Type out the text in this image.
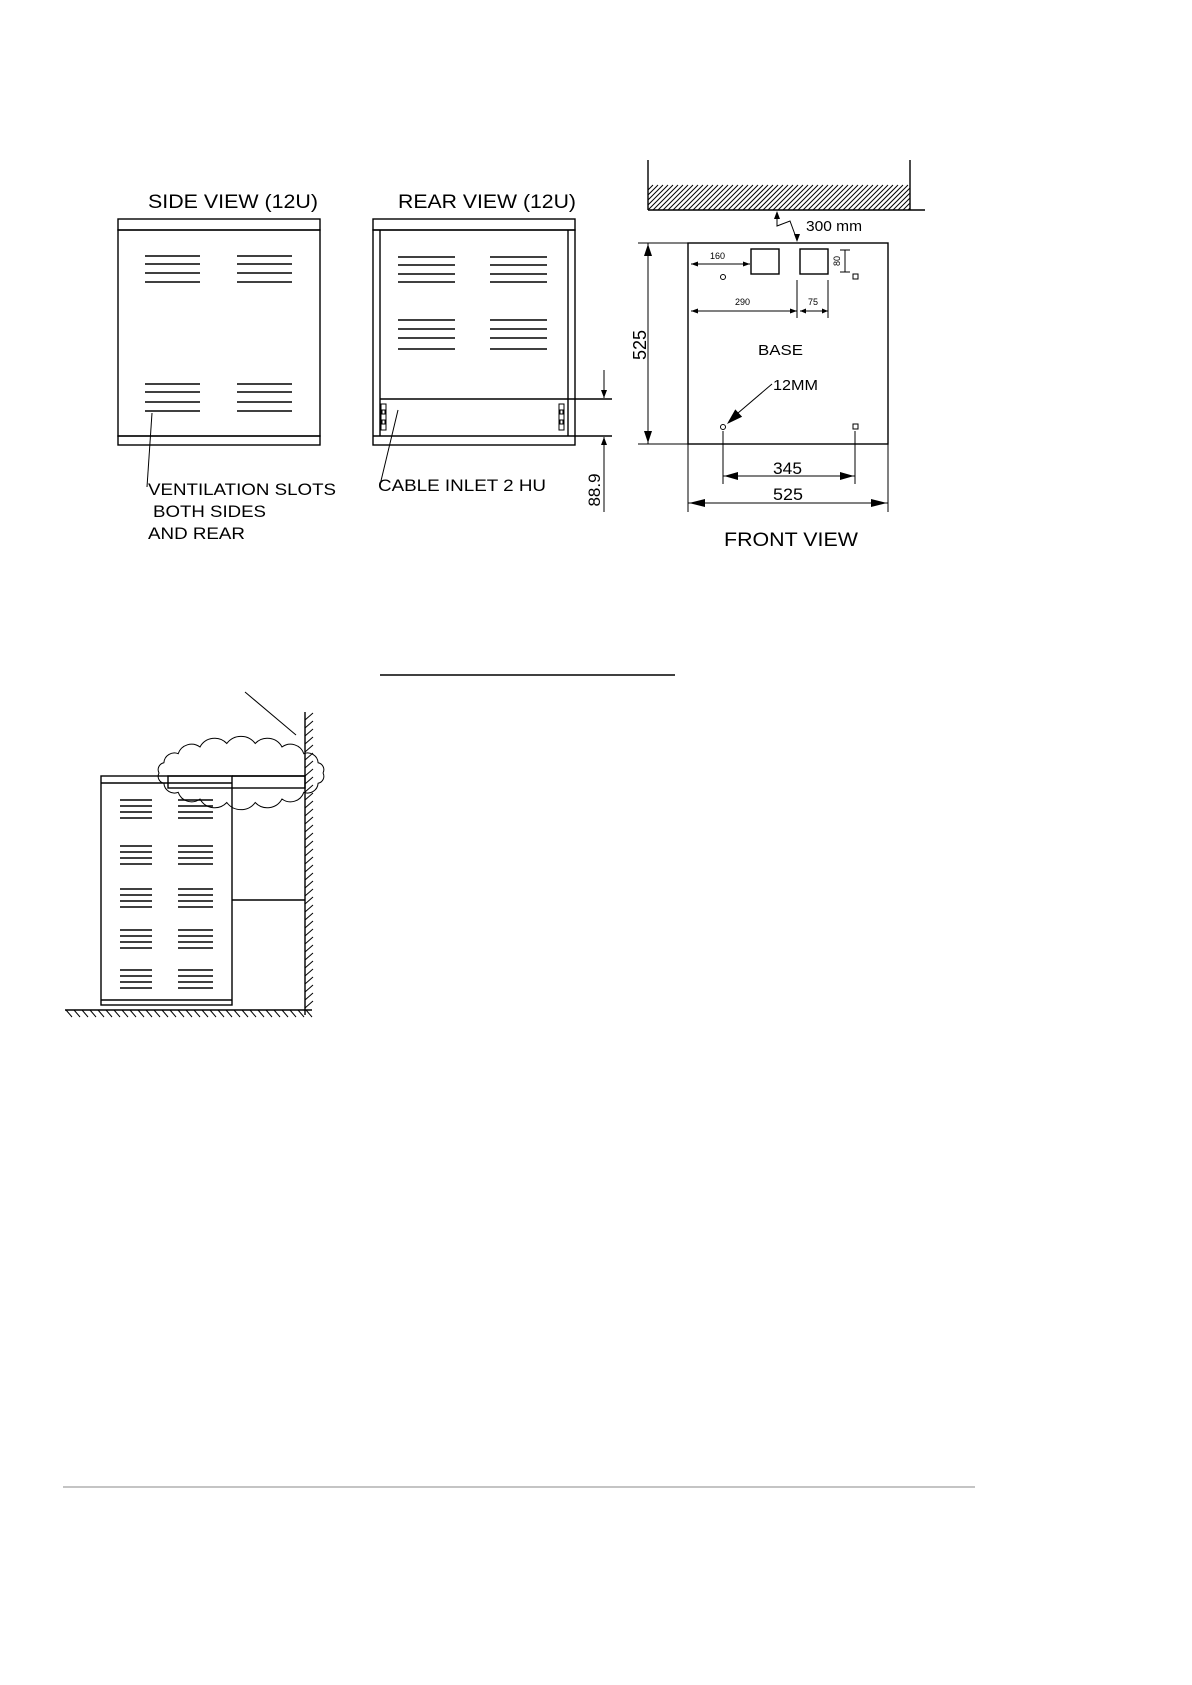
SIDE VIEW (12U)
VENTILATION SLOTS
BOTH SIDES
AND REAR
REAR VIEW (12U)
CABLE INLET 2 HU 88.9
300 mm
160	80
290	75
BASE
12MM
525
345
525
FRONT VIEW
